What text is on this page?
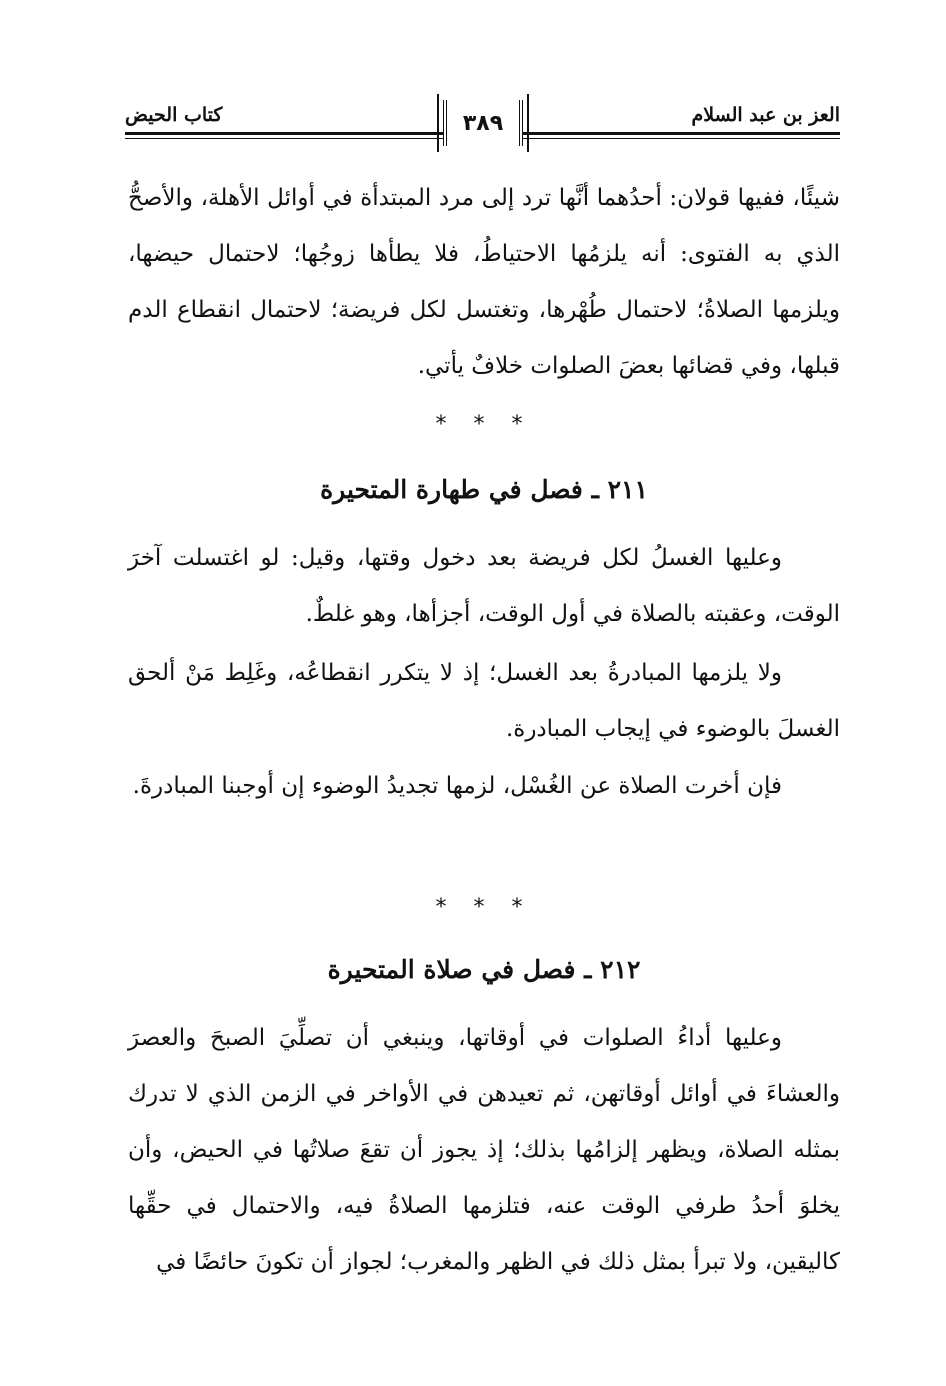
العز بن عبد السلام
٣٨٩
كتاب الحيض

شيئًا، ففيها قولان: أحدُهما أنَّها ترد إلى مرد المبتدأة في أوائل الأهلة، والأصحُّ الذي به الفتوى: أنه يلزمُها الاحتياطُ، فلا يطأها زوجُها؛ لاحتمال حيضها، ويلزمها الصلاةُ؛ لاحتمال طُهْرها، وتغتسل لكل فريضة؛ لاحتمال انقطاع الدم قبلها، وفي قضائها بعضَ الصلوات خلافٌ يأتي.

* * *
٢١١ ـ فصل في طهارة المتحيرة

وعليها الغسلُ لكل فريضة بعد دخول وقتها، وقيل: لو اغتسلت آخرَ الوقت، وعقبته بالصلاة في أول الوقت، أجزأها، وهو غلطٌ.

ولا يلزمها المبادرةُ بعد الغسل؛ إذ لا يتكرر انقطاعُه، وغَلِط مَنْ ألحق الغسلَ بالوضوء في إيجاب المبادرة.

فإن أخرت الصلاة عن الغُسْل، لزمها تجديدُ الوضوء إن أوجبنا المبادرةَ.

* * *
٢١٢ ـ فصل في صلاة المتحيرة

وعليها أداءُ الصلوات في أوقاتها، وينبغي أن تصلِّيَ الصبحَ والعصرَ والعشاءَ في أوائل أوقاتهن، ثم تعيدهن في الأواخر في الزمن الذي لا تدرك بمثله الصلاة، ويظهر إلزامُها بذلك؛ إذ يجوز أن تقعَ صلاتُها في الحيض، وأن يخلوَ أحدُ طرفي الوقت عنه، فتلزمها الصلاةُ فيه، والاحتمال في حقِّها كاليقين، ولا تبرأ بمثل ذلك في الظهر والمغرب؛ لجواز أن تكونَ حائضًا في
